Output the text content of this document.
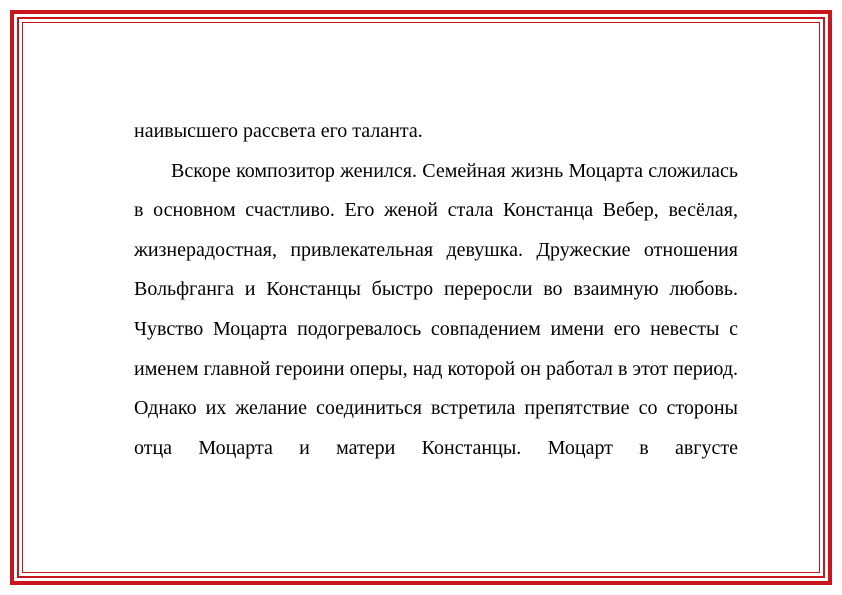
наивысшего рассвета его таланта.

Вскоре композитор женился. Семейная жизнь Моцарта сложилась в основном счастливо. Его женой стала Констанца Вебер, весёлая, жизнерадостная, привлекательная девушка. Дружеские отношения Вольфганга и Констанцы быстро переросли во взаимную любовь. Чувство Моцарта подогревалось совпадением имени его невесты с именем главной героини оперы, над которой он работал в этот период. Однако их желание соединиться встретила препятствие со стороны отца Моцарта и матери Констанцы. Моцарт в августе
